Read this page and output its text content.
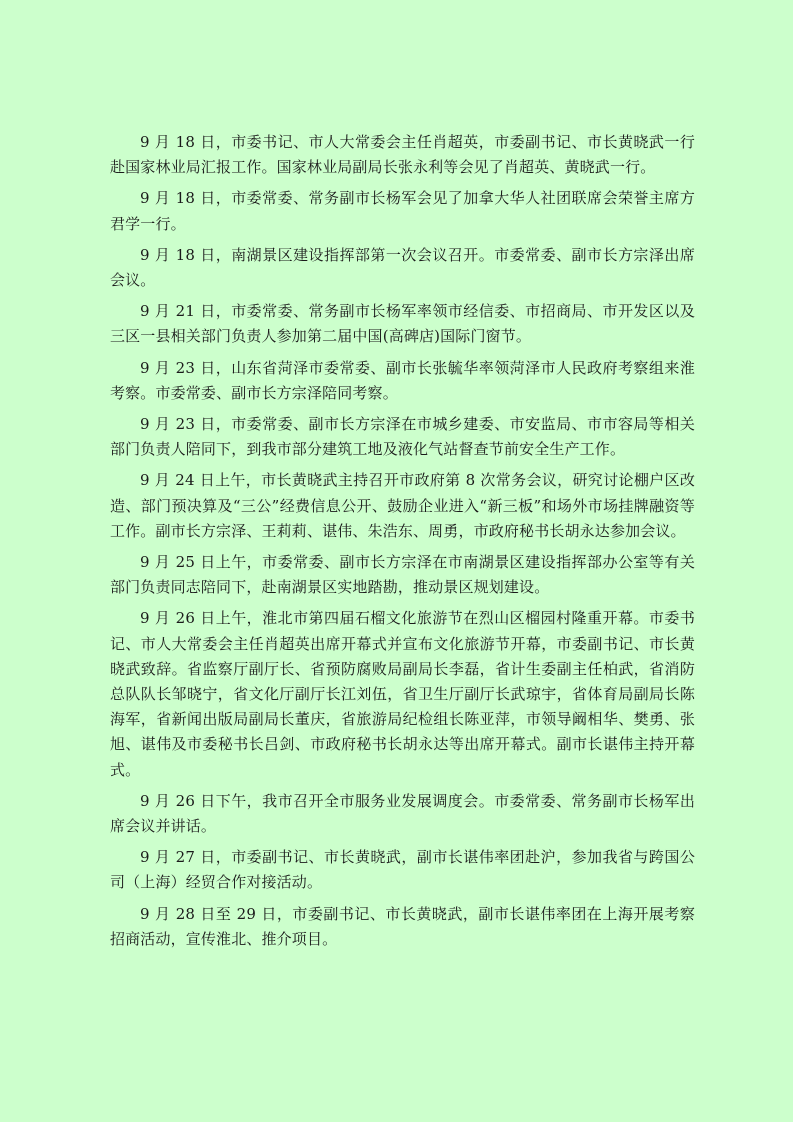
9 月 18 日，市委书记、市人大常委会主任肖超英，市委副书记、市长黄晓武一行赴国家林业局汇报工作。国家林业局副局长张永利等会见了肖超英、黄晓武一行。

9 月 18 日，市委常委、常务副市长杨军会见了加拿大华人社团联席会荣誉主席方君学一行。

9 月 18 日，南湖景区建设指挥部第一次会议召开。市委常委、副市长方宗泽出席会议。

9 月 21 日，市委常委、常务副市长杨军率领市经信委、市招商局、市开发区以及三区一县相关部门负责人参加第二届中国(高碑店)国际门窗节。

9 月 23 日，山东省菏泽市委常委、副市长张毓华率领菏泽市人民政府考察组来淮考察。市委常委、副市长方宗泽陪同考察。

9 月 23 日，市委常委、副市长方宗泽在市城乡建委、市安监局、市市容局等相关部门负责人陪同下，到我市部分建筑工地及液化气站督查节前安全生产工作。

9 月 24 日上午，市长黄晓武主持召开市政府第 8 次常务会议，研究讨论棚户区改造、部门预决算及“三公”经费信息公开、鼓励企业进入“新三板”和场外市场挂牌融资等工作。副市长方宗泽、王莉莉、谌伟、朱浩东、周勇，市政府秘书长胡永达参加会议。

9 月 25 日上午，市委常委、副市长方宗泽在市南湖景区建设指挥部办公室等有关部门负责同志陪同下，赴南湖景区实地踏勘，推动景区规划建设。

9 月 26 日上午，淮北市第四届石榴文化旅游节在烈山区榴园村隆重开幕。市委书记、市人大常委会主任肖超英出席开幕式并宣布文化旅游节开幕，市委副书记、市长黄晓武致辞。省监察厅副厅长、省预防腐败局副局长李磊，省计生委副主任柏武，省消防总队队长邹晓宁，省文化厅副厅长江刘伍，省卫生厅副厅长武琼宇，省体育局副局长陈海军，省新闻出版局副局长董庆，省旅游局纪检组长陈亚萍，市领导阚相华、樊勇、张旭、谌伟及市委秘书长吕剑、市政府秘书长胡永达等出席开幕式。副市长谌伟主持开幕式。

9 月 26 日下午，我市召开全市服务业发展调度会。市委常委、常务副市长杨军出席会议并讲话。

9 月 27 日，市委副书记、市长黄晓武，副市长谌伟率团赴沪，参加我省与跨国公司（上海）经贸合作对接活动。

9 月 28 日至 29 日，市委副书记、市长黄晓武，副市长谌伟率团在上海开展考察招商活动，宣传淮北、推介项目。
